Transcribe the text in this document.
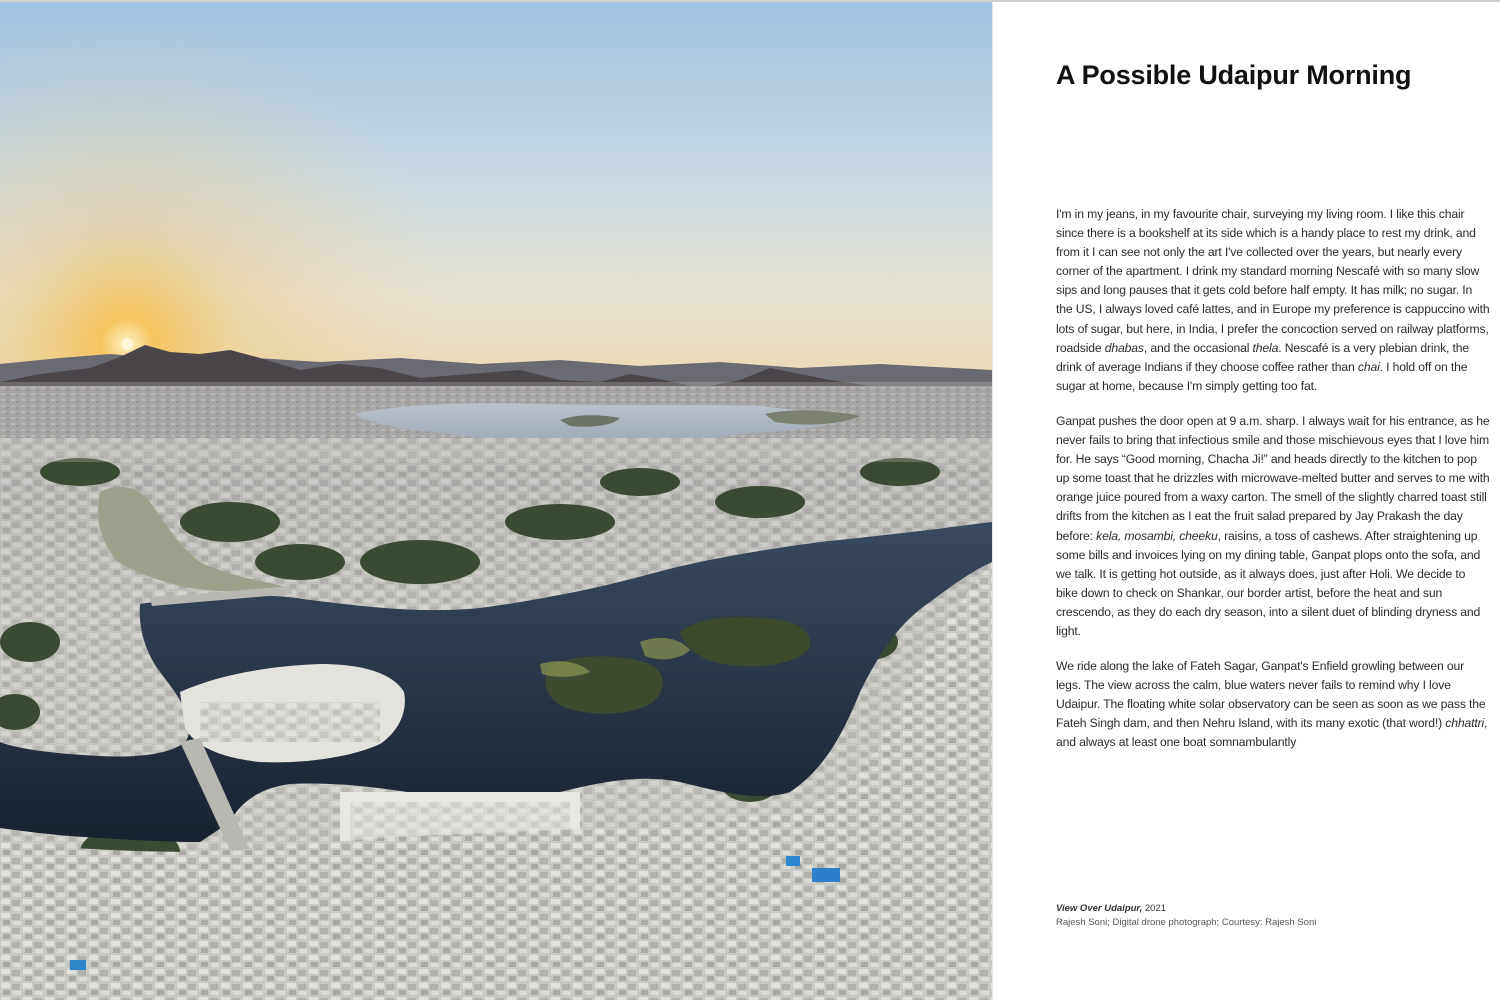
A Possible Udaipur Morning

I'm in my jeans, in my favourite chair, surveying my living room. I like this chair since there is a bookshelf at its side which is a handy place to rest my drink, and from it I can see not only the art I've collected over the years, but nearly every corner of the apartment. I drink my standard morning Nescafé with so many slow sips and long pauses that it gets cold before half empty. It has milk; no sugar. In the US, I always loved café lattes, and in Europe my preference is cappuccino with lots of sugar, but here, in India, I prefer the concoction served on railway platforms, roadside dhabas, and the occasional thela. Nescafé is a very plebian drink, the drink of average Indians if they choose coffee rather than chai. I hold off on the sugar at home, because I'm simply getting too fat.

Ganpat pushes the door open at 9 a.m. sharp. I always wait for his entrance, as he never fails to bring that infectious smile and those mischievous eyes that I love him for. He says “Good morning, Chacha Ji!” and heads directly to the kitchen to pop up some toast that he drizzles with microwave-melted butter and serves to me with orange juice poured from a waxy carton. The smell of the slightly charred toast still drifts from the kitchen as I eat the fruit salad prepared by Jay Prakash the day before: kela, mosambi, cheeku, raisins, a toss of cashews. After straightening up some bills and invoices lying on my dining table, Ganpat plops onto the sofa, and we talk. It is getting hot outside, as it always does, just after Holi. We decide to bike down to check on Shankar, our border artist, before the heat and sun crescendo, as they do each dry season, into a silent duet of blinding dryness and light.

We ride along the lake of Fateh Sagar, Ganpat's Enfield growling between our legs. The view across the calm, blue waters never fails to remind why I love Udaipur. The floating white solar observatory can be seen as soon as we pass the Fateh Singh dam, and then Nehru Island, with its many exotic (that word!) chhattri, and always at least one boat somnambulantly

View Over Udaipur, 2021
Rajesh Soni; Digital drone photograph; Courtesy: Rajesh Soni
